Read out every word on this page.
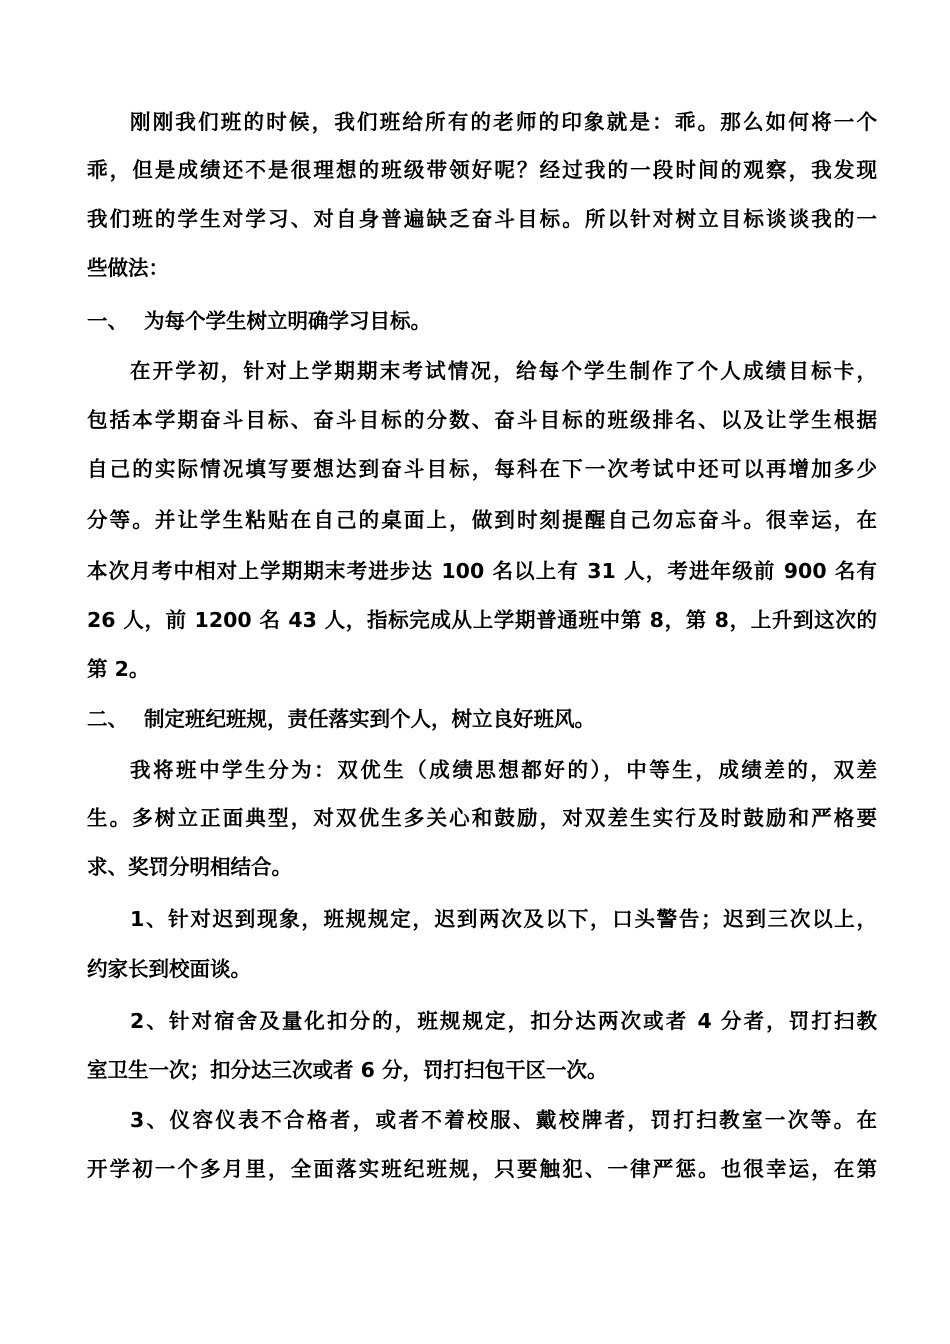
刚刚我们班的时候，我们班给所有的老师的印象就是：乖。那么如何将一个
乖，但是成绩还不是很理想的班级带领好呢？经过我的一段时间的观察，我发现
我们班的学生对学习、对自身普遍缺乏奋斗目标。所以针对树立目标谈谈我的一
些做法：
一、 为每个学生树立明确学习目标。
在开学初，针对上学期期末考试情况，给每个学生制作了个人成绩目标卡，
包括本学期奋斗目标、奋斗目标的分数、奋斗目标的班级排名、以及让学生根据
自己的实际情况填写要想达到奋斗目标，每科在下一次考试中还可以再增加多少
分等。并让学生粘贴在自己的桌面上，做到时刻提醒自己勿忘奋斗。很幸运，在
本次月考中相对上学期期末考进步达 100 名以上有 31 人，考进年级前 900 名有
26 人，前 1200 名 43 人，指标完成从上学期普通班中第 8，第 8，上升到这次的
第 2。
二、 制定班纪班规，责任落实到个人，树立良好班风。
我将班中学生分为：双优生（成绩思想都好的），中等生，成绩差的，双差
生。多树立正面典型，对双优生多关心和鼓励，对双差生实行及时鼓励和严格要
求、奖罚分明相结合。
1、针对迟到现象，班规规定，迟到两次及以下，口头警告；迟到三次以上，
约家长到校面谈。
2、针对宿舍及量化扣分的，班规规定，扣分达两次或者 4 分者，罚打扫教
室卫生一次；扣分达三次或者 6 分，罚打扫包干区一次。
3、仪容仪表不合格者，或者不着校服、戴校牌者，罚打扫教室一次等。在
开学初一个多月里，全面落实班纪班规，只要触犯、一律严惩。也很幸运，在第
